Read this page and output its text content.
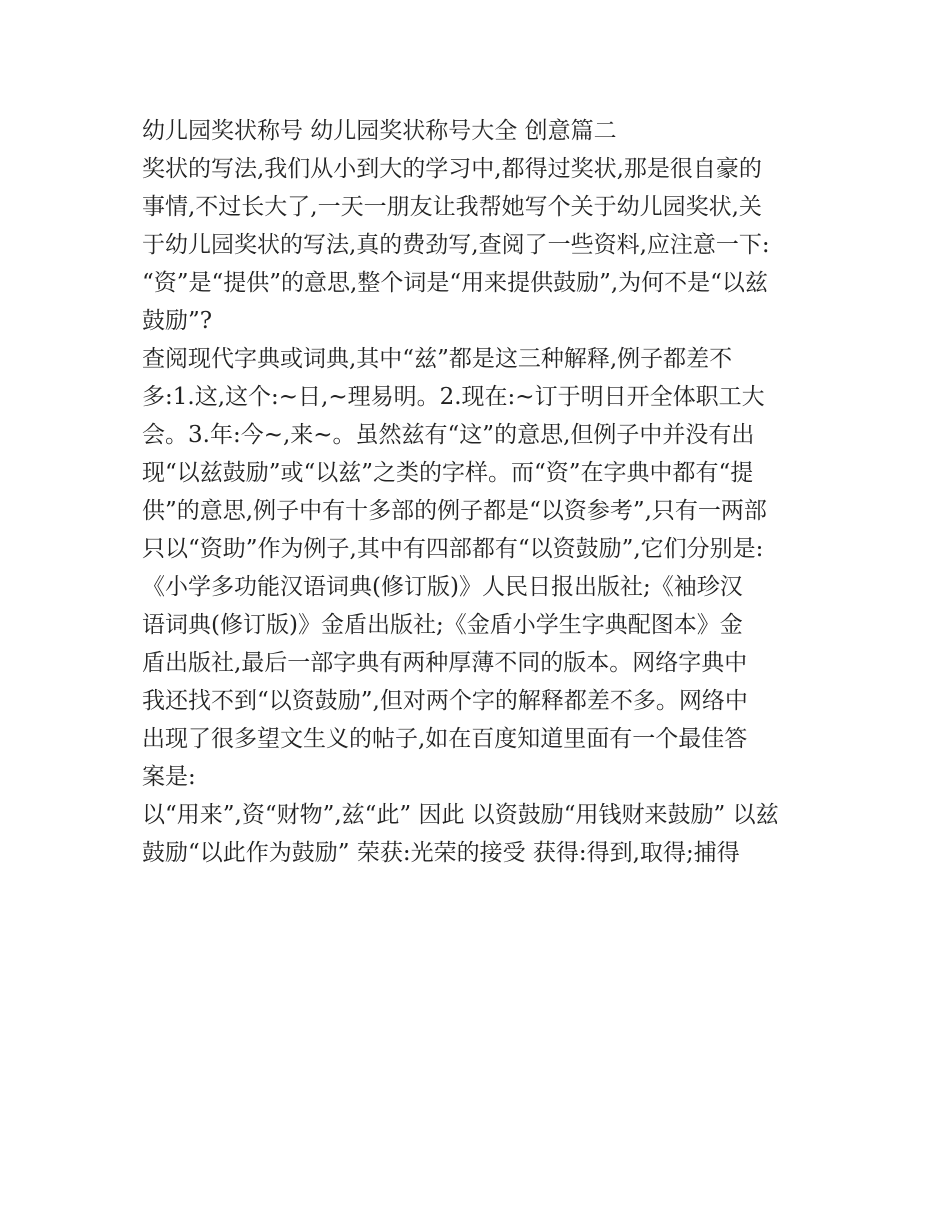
幼儿园奖状称号 幼儿园奖状称号大全 创意篇二
奖状的写法,我们从小到大的学习中,都得过奖状,那是很自豪的
事情,不过长大了,一天一朋友让我帮她写个关于幼儿园奖状,关
于幼儿园奖状的写法,真的费劲写,查阅了一些资料,应注意一下:
“资”是“提供”的意思,整个词是“用来提供鼓励”,为何不是“以兹
鼓励”?
查阅现代字典或词典,其中“兹”都是这三种解释,例子都差不
多:1.这,这个:~日,~理易明。2.现在:~订于明日开全体职工大
会。3.年:今~,来~。虽然兹有“这”的意思,但例子中并没有出
现“以兹鼓励”或“以兹”之类的字样。而“资”在字典中都有“提
供”的意思,例子中有十多部的例子都是“以资参考”,只有一两部
只以“资助”作为例子,其中有四部都有“以资鼓励”,它们分别是:
《小学多功能汉语词典(修订版)》人民日报出版社;《袖珍汉
语词典(修订版)》金盾出版社;《金盾小学生字典配图本》金
盾出版社,最后一部字典有两种厚薄不同的版本。网络字典中
我还找不到“以资鼓励”,但对两个字的解释都差不多。网络中
出现了很多望文生义的帖子,如在百度知道里面有一个最佳答
案是:
以“用来”,资“财物”,兹“此” 因此 以资鼓励“用钱财来鼓励” 以兹
鼓励“以此作为鼓励” 荣获:光荣的接受 获得:得到,取得;捕得
